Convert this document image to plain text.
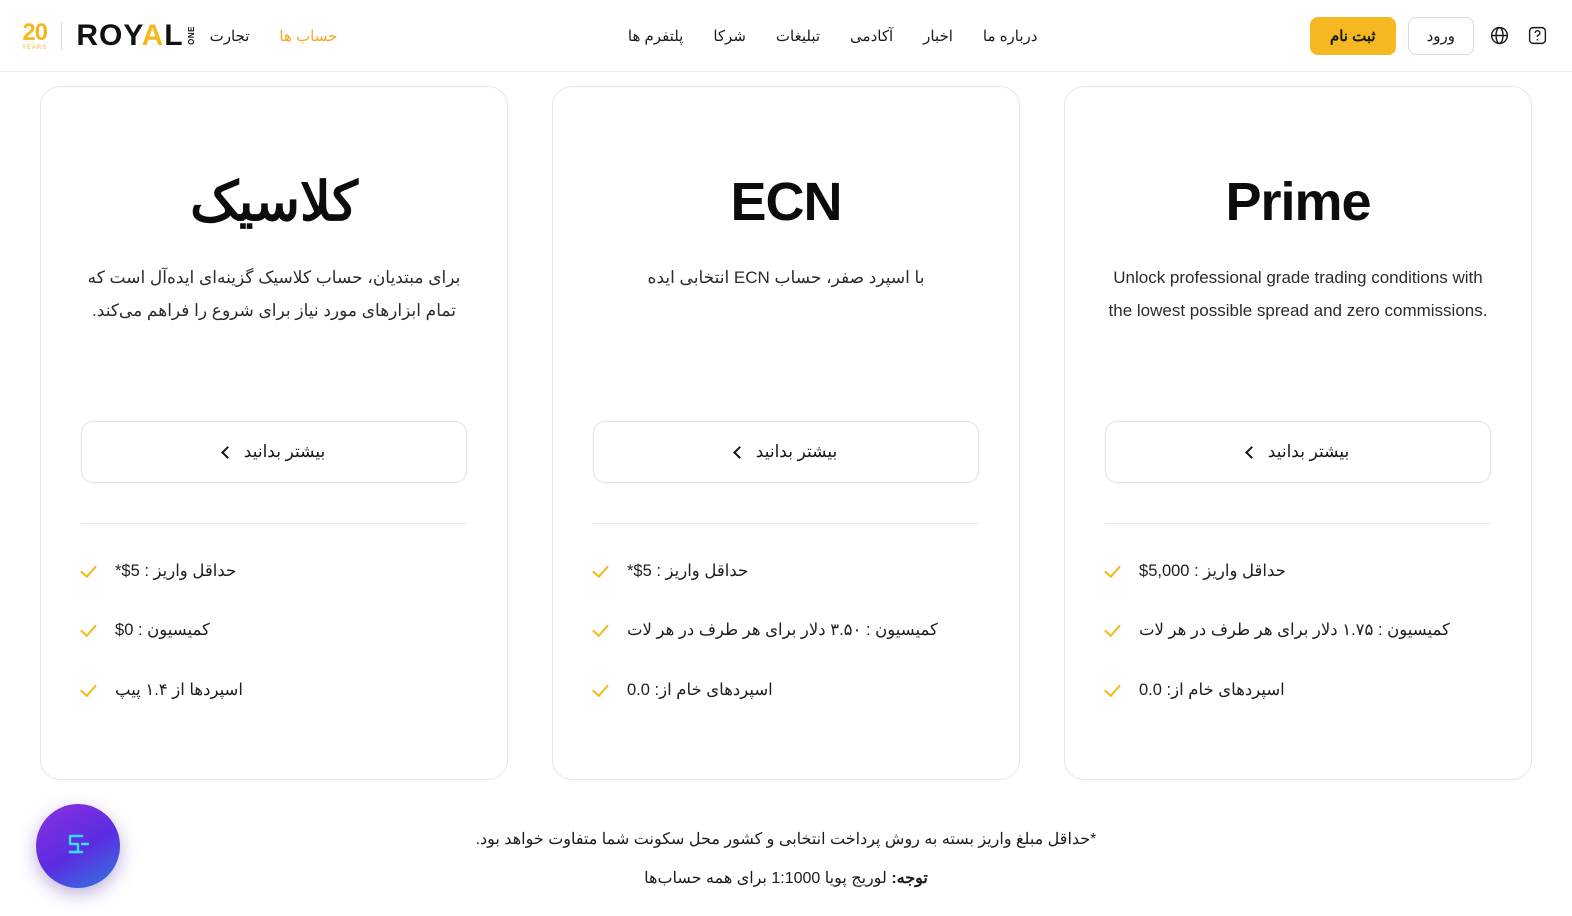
ONE
ROYAL
20
YEARS
حساب ها
تجارت	درباره ما
اخبار
آکادمی
تبلیغات
شرکا
پلتفرم ها	ثبت نام	ورود
کلاسیک
برای مبتدیان، حساب کلاسیک گزینه‌ای ایده‌آل است که تمام ابزارهای مورد نیاز برای شروع را فراهم می‌کند.
بیشتر بدانید
حداقل واریز : 5$*
کمیسیون : 0$
اسپردها از ۱.۴ پیپ
ECN
با اسپرد صفر، حساب ECN انتخابی ایده
بیشتر بدانید
حداقل واریز : 5$*
کمیسیون : ۳.۵۰ دلار برای هر طرف در هر لات
اسپردهای خام از: 0.0
Prime
Unlock professional grade trading conditions with the lowest possible spread and zero commissions.
بیشتر بدانید
حداقل واریز : 5,000$
کمیسیون : ۱.۷۵ دلار برای هر طرف در هر لات
اسپردهای خام از: 0.0
*حداقل مبلغ واریز بسته به روش پرداخت انتخابی و کشور محل سکونت شما متفاوت خواهد بود.
توجه: لوریج پویا 1:1000 برای همه حساب‌ها
